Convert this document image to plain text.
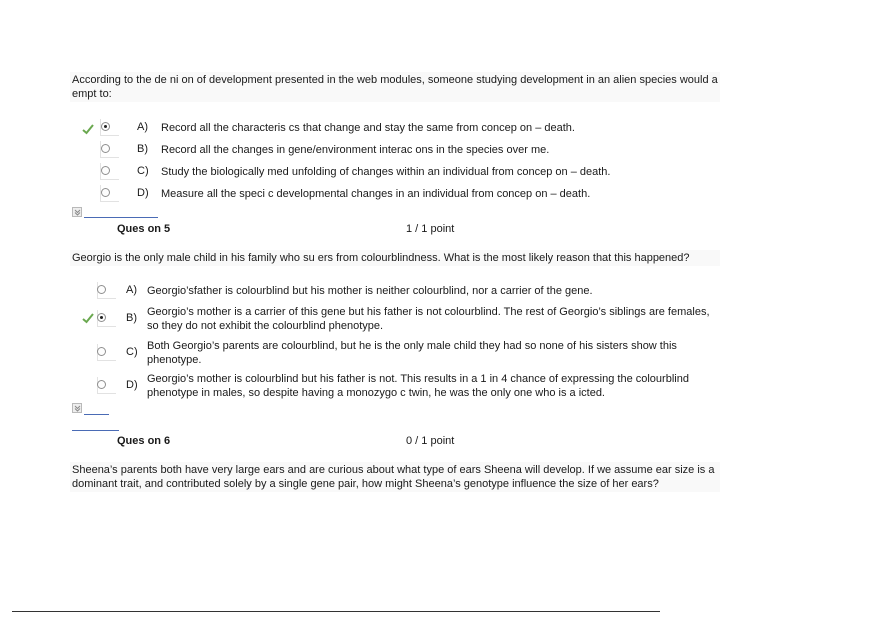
According to the de ni on of development presented in the web modules, someone studying development in an alien species would a empt to:
A) Record all the characteris cs that change and stay the same from concep on – death.
B) Record all the changes in gene/environment interac ons in the species over me.
C) Study the biologically med unfolding of changes within an individual from concep on – death.
D) Measure all the speci c developmental changes in an individual from concep on – death.
Ques on 5	1 / 1 point
Georgio is the only male child in his family who su ers from colourblindness. What is the most likely reason that this happened?
A) Georgio’sfather is colourblind but his mother is neither colourblind, nor a carrier of the gene.
B) Georgio’s mother is a carrier of this gene but his father is not colourblind. The rest of Georgio’s siblings are females, so they do not exhibit the colourblind phenotype.
C) Both Georgio’s parents are colourblind, but he is the only male child they had so none of his sisters show this phenotype.
D) Georgio’s mother is colourblind but his father is not. This results in a 1 in 4 chance of expressing the colourblind phenotype in males, so despite having a monozygo c twin, he was the only one who is a icted.
Ques on 6	0 / 1 point
Sheena’s parents both have very large ears and are curious about what type of ears Sheena will develop. If we assume ear size is a dominant trait, and contributed solely by a single gene pair, how might Sheena’s genotype influence the size of her ears?
